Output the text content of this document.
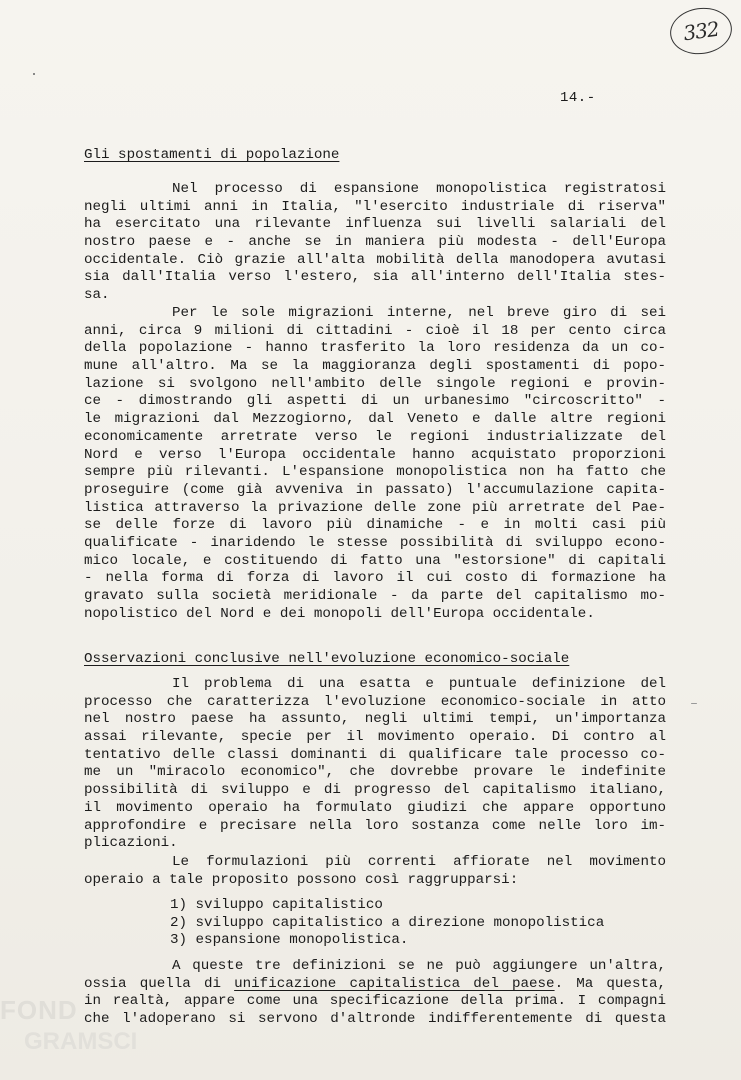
332
14.-
Gli spostamenti di popolazione
Nel processo di espansione monopolistica registratosi
negli ultimi anni in Italia, "l'esercito industriale di riserva"
ha esercitato una rilevante influenza sui livelli salariali del
nostro paese e - anche se in maniera più modesta - dell'Europa
occidentale. Ciò grazie all'alta mobilità della manodopera avutasi
sia dall'Italia verso l'estero, sia all'interno dell'Italia stes-
sa.
Per le sole migrazioni interne, nel breve giro di sei
anni, circa 9 milioni di cittadini - cioè il 18 per cento circa
della popolazione - hanno trasferito la loro residenza da un co-
mune all'altro. Ma se la maggioranza degli spostamenti di popo-
lazione si svolgono nell'ambito delle singole regioni e provin-
ce - dimostrando gli aspetti di un urbanesimo "circoscritto" -
le migrazioni dal Mezzogiorno, dal Veneto e dalle altre regioni
economicamente arretrate verso le regioni industrializzate del
Nord e verso l'Europa occidentale hanno acquistato proporzioni
sempre più rilevanti. L'espansione monopolistica non ha fatto che
proseguire (come già avveniva in passato) l'accumulazione capita-
listica attraverso la privazione delle zone più arretrate del Pae-
se delle forze di lavoro più dinamiche - e in molti casi più
qualificate - inaridendo le stesse possibilità di sviluppo econo-
mico locale, e costituendo di fatto una "estorsione" di capitali
- nella forma di forza di lavoro il cui costo di formazione ha
gravato sulla società meridionale - da parte del capitalismo mo-
nopolistico del Nord e dei monopoli dell'Europa occidentale.
Osservazioni conclusive nell'evoluzione economico-sociale
Il problema di una esatta e puntuale definizione del
processo che caratterizza l'evoluzione economico-sociale in atto
nel nostro paese ha assunto, negli ultimi tempi, un'importanza
assai rilevante, specie per il movimento operaio. Di contro al
tentativo delle classi dominanti di qualificare tale processo co-
me un "miracolo economico", che dovrebbe provare le indefinite
possibilità di sviluppo e di progresso del capitalismo italiano,
il movimento operaio ha formulato giudizi che appare opportuno
approfondire e precisare nella loro sostanza come nelle loro im-
plicazioni.
Le formulazioni più correnti affiorate nel movimento
operaio a tale proposito possono così raggrupparsi:
1) sviluppo capitalistico
2) sviluppo capitalistico a direzione monopolistica
3) espansione monopolistica.
A queste tre definizioni se ne può aggiungere un'altra,
ossia quella di unificazione capitalistica del paese. Ma questa,
in realtà, appare come una specificazione della prima. I compagni
che l'adoperano si servono d'altronde indifferentemente di questa
FOND
GRAMSCI
